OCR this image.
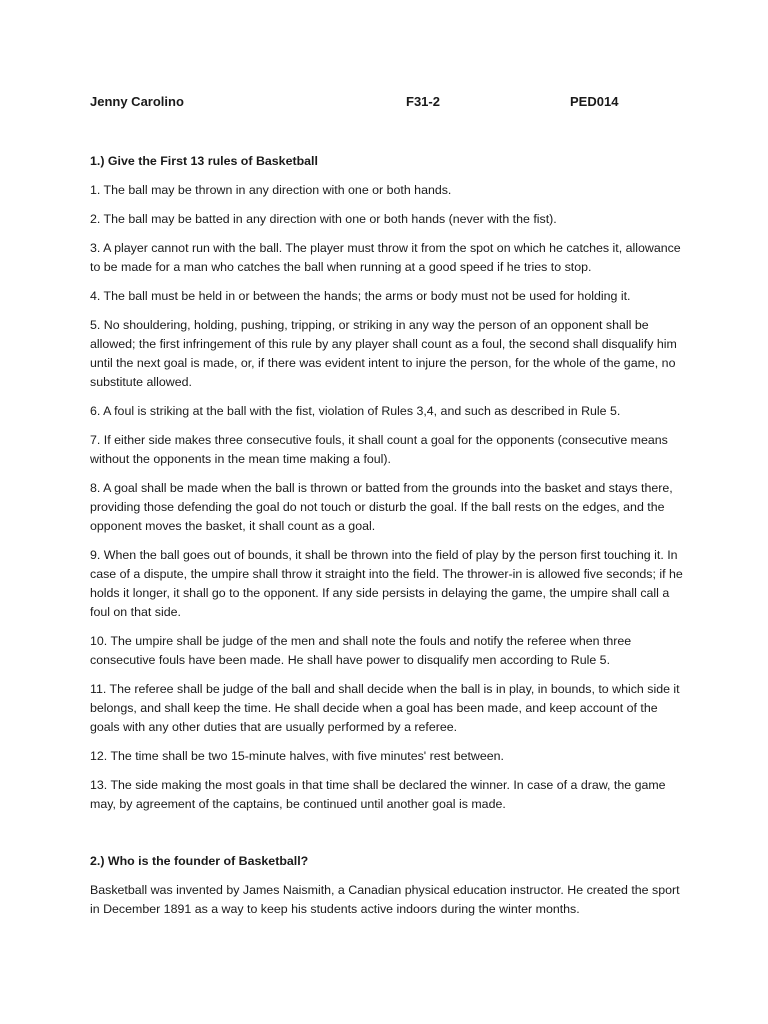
Jenny Carolino	F31-2	PED014

1.) Give the First 13 rules of Basketball

1. The ball may be thrown in any direction with one or both hands.

2. The ball may be batted in any direction with one or both hands (never with the fist).

3. A player cannot run with the ball. The player must throw it from the spot on which he catches it, allowance to be made for a man who catches the ball when running at a good speed if he tries to stop.

4. The ball must be held in or between the hands; the arms or body must not be used for holding it.

5. No shouldering, holding, pushing, tripping, or striking in any way the person of an opponent shall be allowed; the first infringement of this rule by any player shall count as a foul, the second shall disqualify him until the next goal is made, or, if there was evident intent to injure the person, for the whole of the game, no substitute allowed.

6. A foul is striking at the ball with the fist, violation of Rules 3,4, and such as described in Rule 5.

7. If either side makes three consecutive fouls, it shall count a goal for the opponents (consecutive means without the opponents in the mean time making a foul).

8. A goal shall be made when the ball is thrown or batted from the grounds into the basket and stays there, providing those defending the goal do not touch or disturb the goal. If the ball rests on the edges, and the opponent moves the basket, it shall count as a goal.

9. When the ball goes out of bounds, it shall be thrown into the field of play by the person first touching it. In case of a dispute, the umpire shall throw it straight into the field. The thrower-in is allowed five seconds; if he holds it longer, it shall go to the opponent. If any side persists in delaying the game, the umpire shall call a foul on that side.

10. The umpire shall be judge of the men and shall note the fouls and notify the referee when three consecutive fouls have been made. He shall have power to disqualify men according to Rule 5.

11. The referee shall be judge of the ball and shall decide when the ball is in play, in bounds, to which side it belongs, and shall keep the time. He shall decide when a goal has been made, and keep account of the goals with any other duties that are usually performed by a referee.

12. The time shall be two 15-minute halves, with five minutes' rest between.

13. The side making the most goals in that time shall be declared the winner. In case of a draw, the game may, by agreement of the captains, be continued until another goal is made.

2.) Who is the founder of Basketball?

Basketball was invented by James Naismith, a Canadian physical education instructor. He created the sport in December 1891 as a way to keep his students active indoors during the winter months.
